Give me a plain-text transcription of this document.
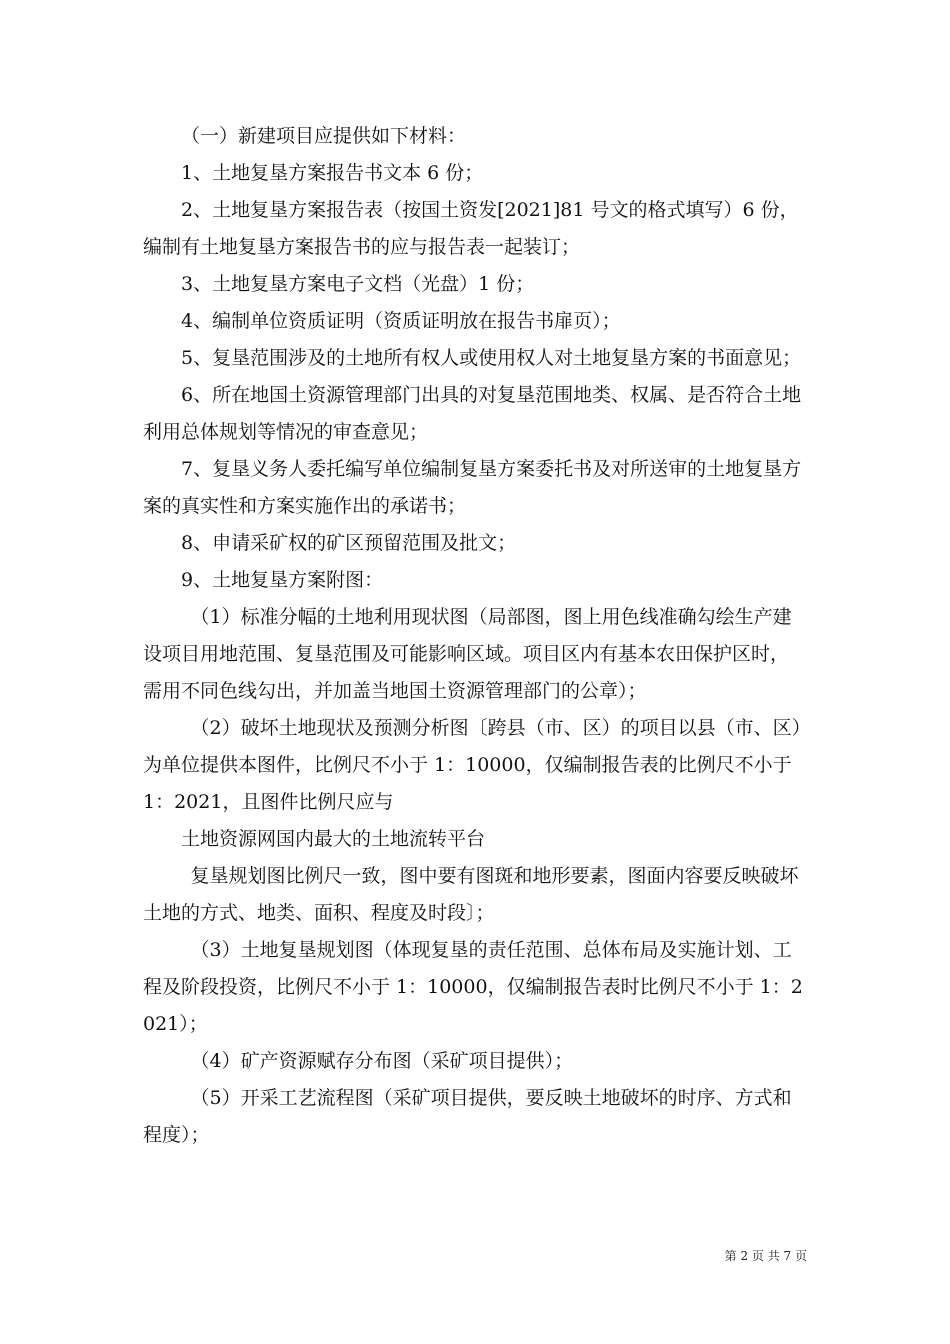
（一）新建项目应提供如下材料：

1、土地复垦方案报告书文本 6 份；

2、土地复垦方案报告表（按国土资发[2021]81 号文的格式填写）6 份，编制有土地复垦方案报告书的应与报告表一起装订；

3、土地复垦方案电子文档（光盘）1 份；

4、编制单位资质证明（资质证明放在报告书扉页）；

5、复垦范围涉及的土地所有权人或使用权人对土地复垦方案的书面意见；

6、所在地国土资源管理部门出具的对复垦范围地类、权属、是否符合土地利用总体规划等情况的审查意见；

7、复垦义务人委托编写单位编制复垦方案委托书及对所送审的土地复垦方案的真实性和方案实施作出的承诺书；

8、申请采矿权的矿区预留范围及批文；

9、土地复垦方案附图：

（1）标准分幅的土地利用现状图（局部图，图上用色线准确勾绘生产建设项目用地范围、复垦范围及可能影响区域。项目区内有基本农田保护区时，需用不同色线勾出，并加盖当地国土资源管理部门的公章）；

（2）破坏土地现状及预测分析图〔跨县（市、区）的项目以县（市、区）为单位提供本图件，比例尺不小于 1：10000，仅编制报告表的比例尺不小于 1：2021，且图件比例尺应与

土地资源网国内最大的土地流转平台

复垦规划图比例尺一致，图中要有图斑和地形要素，图面内容要反映破坏土地的方式、地类、面积、程度及时段〕；

（3）土地复垦规划图（体现复垦的责任范围、总体布局及实施计划、工程及阶段投资，比例尺不小于 1：10000，仅编制报告表时比例尺不小于 1：2021）；

（4）矿产资源赋存分布图（采矿项目提供）；

（5）开采工艺流程图（采矿项目提供，要反映土地破坏的时序、方式和程度）；

第 2 页 共 7 页
